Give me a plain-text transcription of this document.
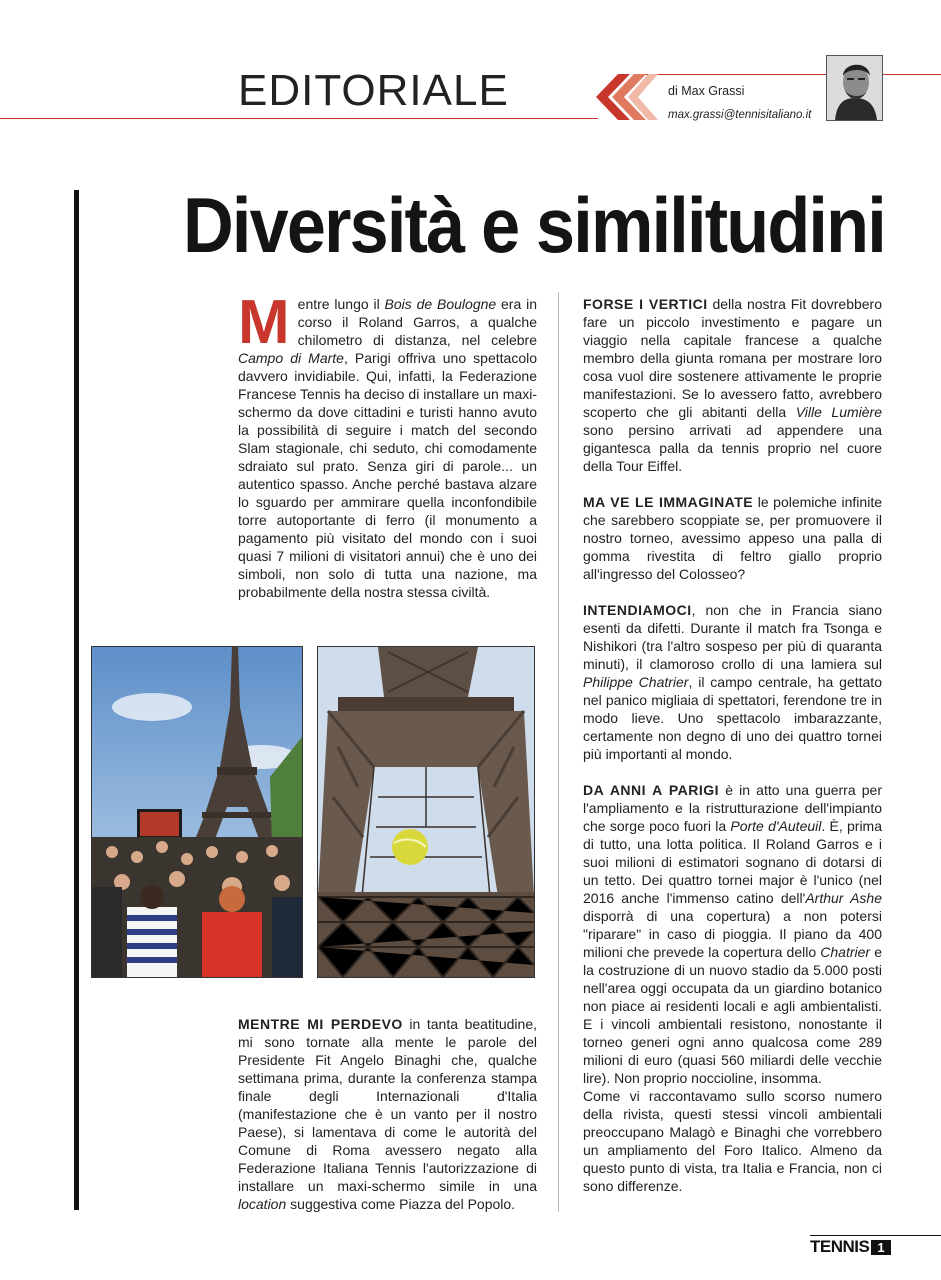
EDITORIALE	di Max Grassi
max.grassi@tennisitaliano.it
Diversità e similitudini
M entre lungo il Bois de Boulogne era in corso il Roland Garros, a qualche chilometro di distanza, nel celebre Campo di Marte, Parigi offriva uno spettacolo davvero invidiabile. Qui, infatti, la Federazione Francese Tennis ha deciso di installare un maxi-schermo da dove cittadini e turisti hanno avuto la possibilità di seguire i match del secondo Slam stagionale, chi seduto, chi comodamente sdraiato sul prato. Senza giri di parole... un autentico spasso. Anche perché bastava alzare lo sguardo per ammirare quella inconfondibile torre autoportante di ferro (il monumento a pagamento più visitato del mondo con i suoi quasi 7 milioni di visitatori annui) che è uno dei simboli, non solo di tutta una nazione, ma probabilmente della nostra stessa civiltà.

MENTRE MI PERDEVO in tanta beatitudine, mi sono tornate alla mente le parole del Presidente Fit Angelo Binaghi che, qualche settimana prima, durante la conferenza stampa finale degli Internazionali d'Italia (manifestazione che è un vanto per il nostro Paese), si lamentava di come le autorità del Comune di Roma avessero negato alla Federazione Italiana Tennis l'autorizzazione di installare un maxi-schermo simile in una location suggestiva come Piazza del Popolo.

FORSE I VERTICI della nostra Fit dovrebbero fare un piccolo investimento e pagare un viaggio nella capitale francese a qualche membro della giunta romana per mostrare loro cosa vuol dire sostenere attivamente le proprie manifestazioni. Se lo avessero fatto, avrebbero scoperto che gli abitanti della Ville Lumière sono persino arrivati ad appendere una gigantesca palla da tennis proprio nel cuore della Tour Eiffel.

MA VE LE IMMAGINATE le polemiche infinite che sarebbero scoppiate se, per promuovere il nostro torneo, avessimo appeso una palla di gomma rivestita di feltro giallo proprio all'ingresso del Colosseo?

INTENDIAMOCI, non che in Francia siano esenti da difetti. Durante il match fra Tsonga e Nishikori (tra l'altro sospeso per più di quaranta minuti), il clamoroso crollo di una lamiera sul Philippe Chatrier, il campo centrale, ha gettato nel panico migliaia di spettatori, ferendone tre in modo lieve. Uno spettacolo imbarazzante, certamente non degno di uno dei quattro tornei più importanti al mondo.

DA ANNI A PARIGI è in atto una guerra per l'ampliamento e la ristrutturazione dell'impianto che sorge poco fuori la Porte d'Auteuil. È, prima di tutto, una lotta politica. Il Roland Garros e i suoi milioni di estimatori sognano di dotarsi di un tetto. Dei quattro tornei major è l'unico (nel 2016 anche l'immenso catino dell'Arthur Ashe disporrà di una copertura) a non potersi "riparare" in caso di pioggia. Il piano da 400 milioni che prevede la copertura dello Chatrier e la costruzione di un nuovo stadio da 5.000 posti nell'area oggi occupata da un giardino botanico non piace ai residenti locali e agli ambientalisti. E i vincoli ambientali resistono, nonostante il torneo generi ogni anno qualcosa come 289 milioni di euro (quasi 560 miliardi delle vecchie lire). Non proprio noccioline, insomma.

Come vi raccontavamo sullo scorso numero della rivista, questi stessi vincoli ambientali preoccupano Malagò e Binaghi che vorrebbero un ampliamento del Foro Italico. Almeno da questo punto di vista, tra Italia e Francia, non ci sono differenze.

TENNIS 1
